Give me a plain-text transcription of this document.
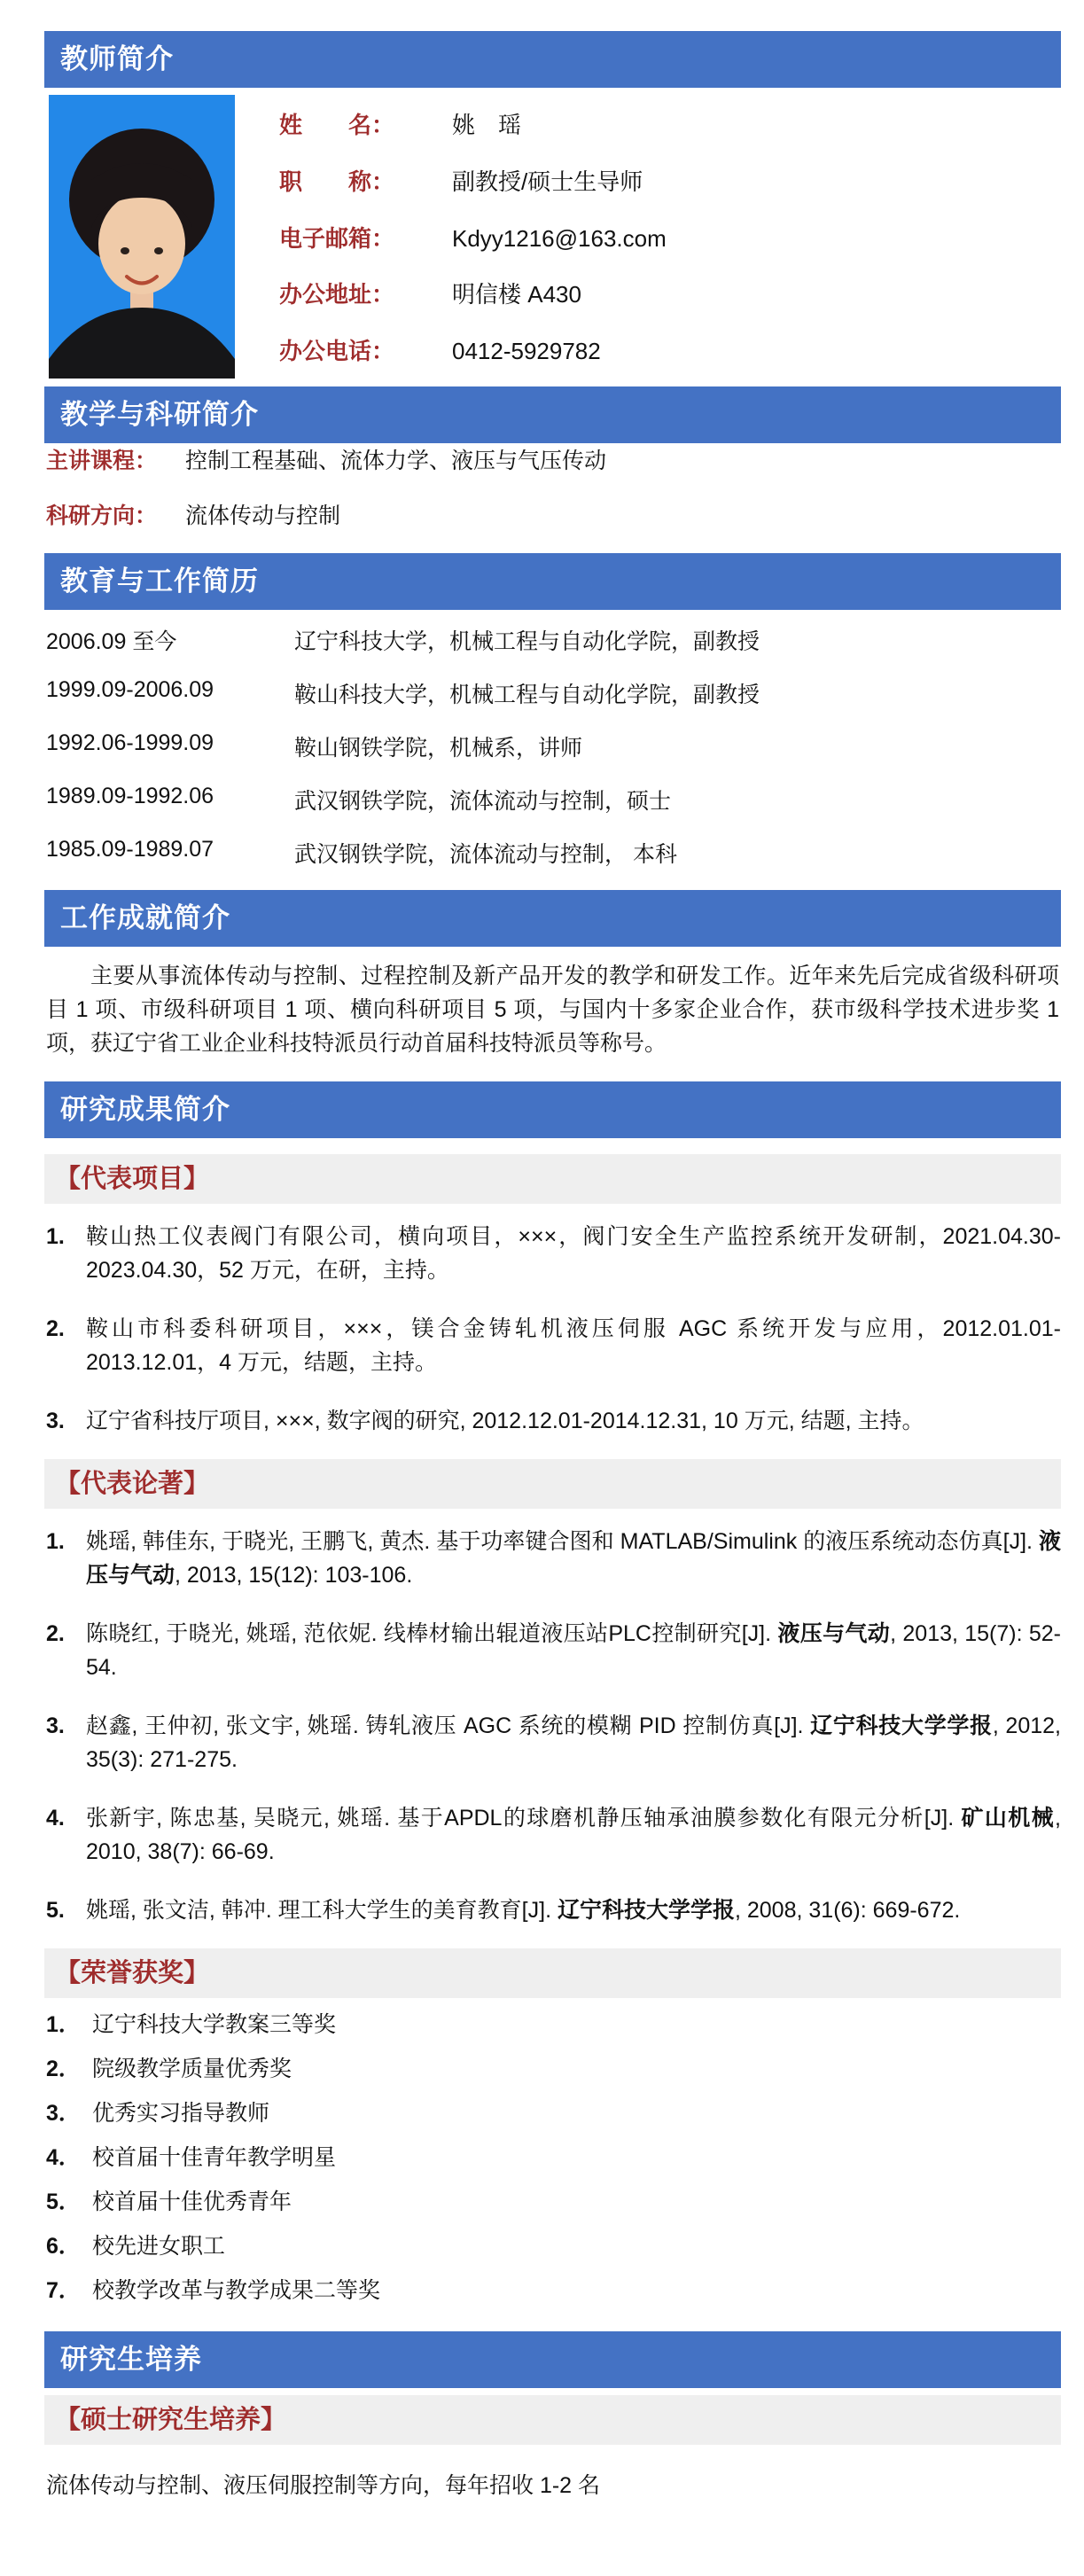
教师简介
姓　　名：	姚　瑶
职　　称：	副教授/硕士生导师
电子邮箱：	Kdyy1216@163.com
办公地址：	明信楼 A430
办公电话：	0412-5929782
教学与科研简介
主讲课程： 控制工程基础、流体力学、液压与气压传动
科研方向： 流体传动与控制
教育与工作简历
2006.09 至今	辽宁科技大学，机械工程与自动化学院，副教授
1999.09-2006.09	鞍山科技大学，机械工程与自动化学院，副教授
1992.06-1999.09	鞍山钢铁学院，机械系，讲师
1989.09-1992.06	武汉钢铁学院，流体流动与控制，硕士
1985.09-1989.07	武汉钢铁学院，流体流动与控制， 本科
工作成就简介

主要从事流体传动与控制、过程控制及新产品开发的教学和研发工作。近年来先后完成省级科研项目 1 项、市级科研项目 1 项、横向科研项目 5 项，与国内十多家企业合作，获市级科学技术进步奖 1 项，获辽宁省工业企业科技特派员行动首届科技特派员等称号。

研究成果简介
【代表项目】
1. 鞍山热工仪表阀门有限公司，横向项目，×××，阀门安全生产监控系统开发研制，2021.04.30-2023.04.30，52 万元，在研，主持。
2. 鞍山市科委科研项目，×××，镁合金铸轧机液压伺服 AGC 系统开发与应用，2012.01.01-2013.12.01，4 万元，结题，主持。
3. 辽宁省科技厅项目, ×××, 数字阀的研究, 2012.12.01-2014.12.31, 10 万元, 结题, 主持。
【代表论著】
1. 姚瑶, 韩佳东, 于晓光, 王鹏飞, 黄杰. 基于功率键合图和 MATLAB/Simulink 的液压系统动态仿真[J]. 液压与气动, 2013, 15(12): 103-106.
2. 陈晓红, 于晓光, 姚瑶, 范依妮. 线棒材输出辊道液压站PLC控制研究[J]. 液压与气动, 2013, 15(7): 52-54.
3. 赵鑫, 王仲初, 张文宇, 姚瑶. 铸轧液压 AGC 系统的模糊 PID 控制仿真[J]. 辽宁科技大学学报, 2012, 35(3): 271-275.
4. 张新宇, 陈忠基, 吴晓元, 姚瑶. 基于APDL的球磨机静压轴承油膜参数化有限元分析[J]. 矿山机械, 2010, 38(7): 66-69.
5. 姚瑶, 张文洁, 韩冲. 理工科大学生的美育教育[J]. 辽宁科技大学学报, 2008, 31(6): 669-672.
【荣誉获奖】
1． 辽宁科技大学教案三等奖
2． 院级教学质量优秀奖
3． 优秀实习指导教师
4． 校首届十佳青年教学明星
5． 校首届十佳优秀青年
6． 校先进女职工
7． 校教学改革与教学成果二等奖
研究生培养
【硕士研究生培养】

流体传动与控制、液压伺服控制等方向，每年招收 1-2 名
